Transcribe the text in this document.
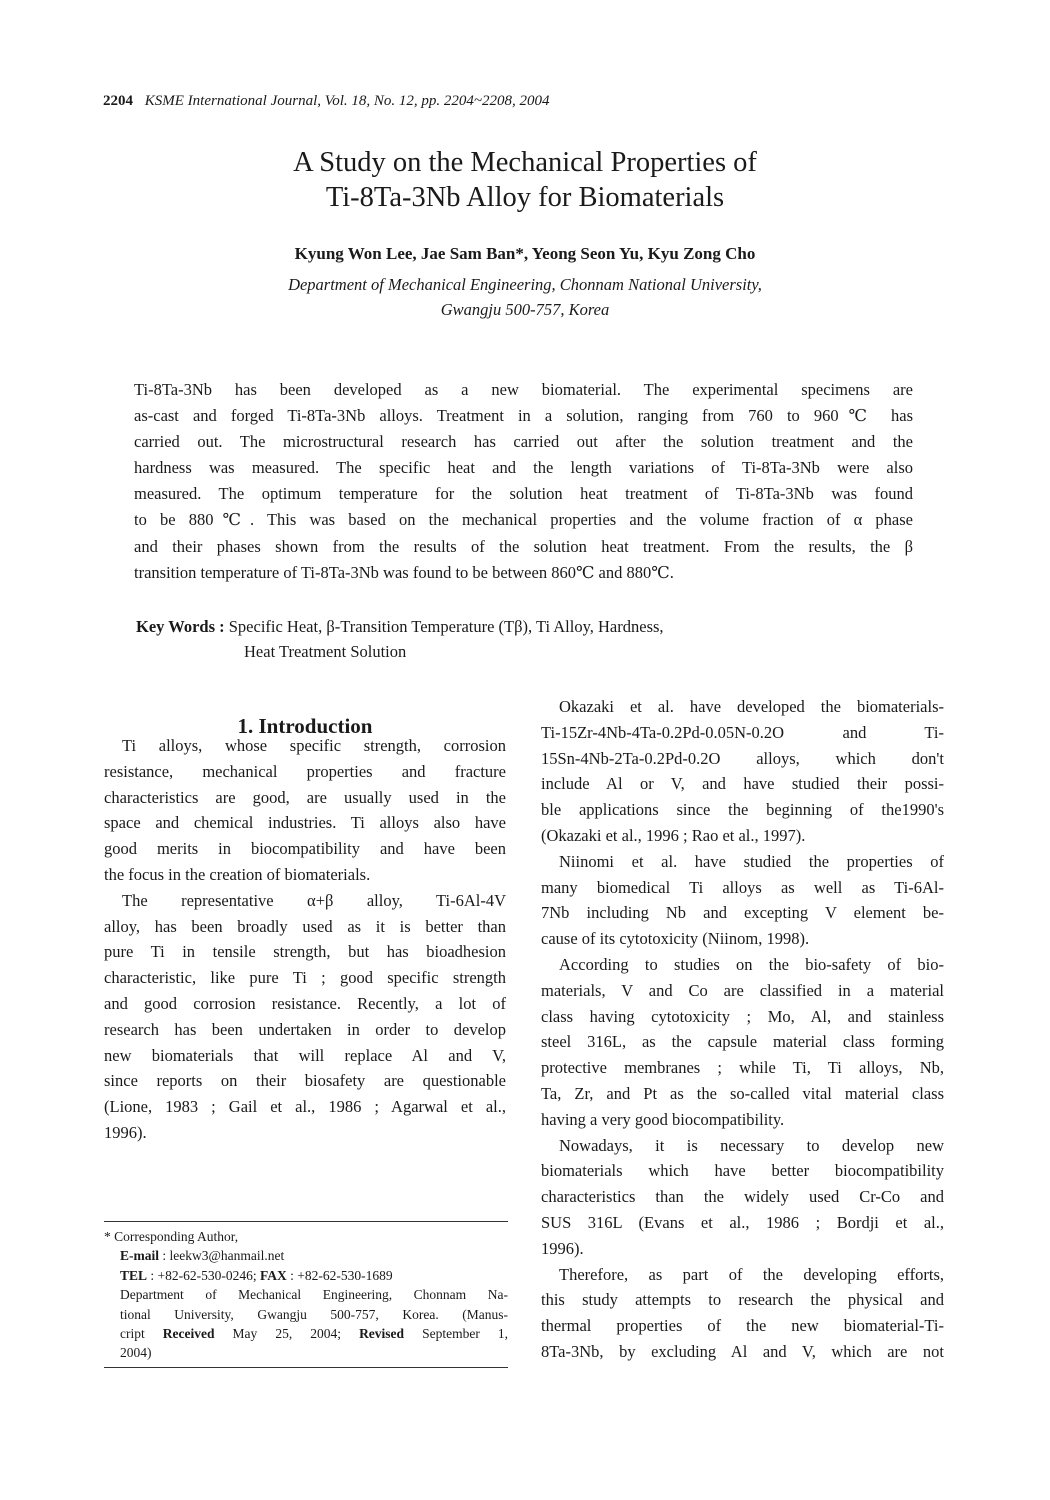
2204 KSME International Journal, Vol. 18, No. 12, pp. 2204~2208, 2004
A Study on the Mechanical Properties of
Ti-8Ta-3Nb Alloy for Biomaterials
Kyung Won Lee, Jae Sam Ban*, Yeong Seon Yu, Kyu Zong Cho
Department of Mechanical Engineering, Chonnam National University,
Gwangju 500-757, Korea
Ti-8Ta-3Nb has been developed as a new biomaterial. The experimental specimens are
as-cast and forged Ti-8Ta-3Nb alloys. Treatment in a solution, ranging from 760 to 960℃ has
carried out. The microstructural research has carried out after the solution treatment and the
hardness was measured. The specific heat and the length variations of Ti-8Ta-3Nb were also
measured. The optimum temperature for the solution heat treatment of Ti-8Ta-3Nb was found
to be 880℃. This was based on the mechanical properties and the volume fraction of α phase
and their phases shown from the results of the solution heat treatment. From the results, the β
transition temperature of Ti-8Ta-3Nb was found to be between 860℃ and 880℃.
Key Words : Specific Heat, β-Transition Temperature (Tβ), Ti Alloy, Hardness,
Heat Treatment Solution
1. Introduction
Ti alloys, whose specific strength, corrosion
resistance, mechanical properties and fracture
characteristics are good, are usually used in the
space and chemical industries. Ti alloys also have
good merits in biocompatibility and have been
the focus in the creation of biomaterials.
The representative α+β alloy, Ti-6Al-4V
alloy, has been broadly used as it is better than
pure Ti in tensile strength, but has bioadhesion
characteristic, like pure Ti ; good specific strength
and good corrosion resistance. Recently, a lot of
research has been undertaken in order to develop
new biomaterials that will replace Al and V,
since reports on their biosafety are questionable
(Lione, 1983 ; Gail et al., 1986 ; Agarwal et al.,
1996).
Okazaki et al. have developed the biomaterials-
Ti-15Zr-4Nb-4Ta-0.2Pd-0.05N-0.2O and Ti-
15Sn-4Nb-2Ta-0.2Pd-0.2O alloys, which don't
include Al or V, and have studied their possi-
ble applications since the beginning of the1990's
(Okazaki et al., 1996 ; Rao et al., 1997).
Niinomi et al. have studied the properties of
many biomedical Ti alloys as well as Ti-6Al-
7Nb including Nb and excepting V element be-
cause of its cytotoxicity (Niinom, 1998).
According to studies on the bio-safety of bio-
materials, V and Co are classified in a material
class having cytotoxicity ; Mo, Al, and stainless
steel 316L, as the capsule material class forming
protective membranes ; while Ti, Ti alloys, Nb,
Ta, Zr, and Pt as the so-called vital material class
having a very good biocompatibility.
Nowadays, it is necessary to develop new
biomaterials which have better biocompatibility
characteristics than the widely used Cr-Co and
SUS 316L (Evans et al., 1986 ; Bordji et al.,
1996).
Therefore, as part of the developing efforts,
this study attempts to research the physical and
thermal properties of the new biomaterial-Ti-
8Ta-3Nb, by excluding Al and V, which are not
* Corresponding Author,
E-mail : leekw3@hanmail.net
TEL : +82-62-530-0246; FAX : +82-62-530-1689
Department of Mechanical Engineering, Chonnam Na-
tional University, Gwangju 500-757, Korea. (Manus-
cript Received May 25, 2004; Revised September 1,
2004)
